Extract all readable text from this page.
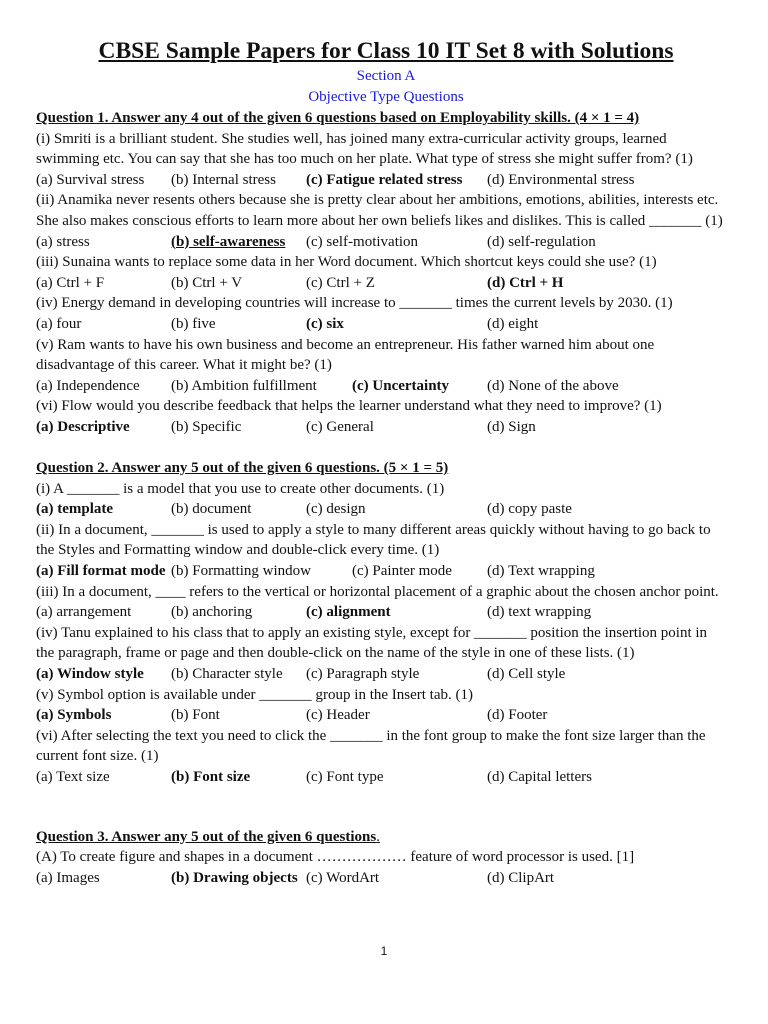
CBSE Sample Papers for Class 10 IT Set 8 with Solutions
Section A
Objective Type Questions
Question 1. Answer any 4 out of the given 6 questions based on Employability skills. (4 × 1 = 4)
(i) Smriti is a brilliant student. She studies well, has joined many extra-curricular activity groups, learned
swimming etc. You can say that she has too much on her plate. What type of stress she might suffer from? (1)
(a) Survival stress (b) Internal stress (c) Fatigue related stress (d) Environmental stress
(ii) Anamika never resents others because she is pretty clear about her ambitions, emotions, abilities, interests etc.
She also makes conscious efforts to learn more about her own beliefs likes and dislikes. This is called _______ (1)
(a) stress	(b) self-awareness (c) self-motivation	(d) self-regulation
(iii) Sunaina wants to replace some data in her Word document. Which shortcut keys could she use? (1)
(a) Ctrl + F	(b) Ctrl + V	(c) Ctrl + Z	(d) Ctrl + H
(iv) Energy demand in developing countries will increase to _______ times the current levels by 2030. (1)
(a) four	(b) five	(c) six	(d) eight
(v) Ram wants to have his own business and become an entrepreneur. His father warned him about one
disadvantage of this career. What it might be? (1)
(a) Independence (b) Ambition fulfillment (c) Uncertainty	(d) None of the above
(vi) Flow would you describe feedback that helps the learner understand what they need to improve? (1)
(a) Descriptive	(b) Specific	(c) General	(d) Sign
Question 2. Answer any 5 out of the given 6 questions. (5 × 1 = 5)
(i) A _______ is a model that you use to create other documents. (1)
(a) template	(b) document	(c) design	(d) copy paste
(ii) In a document, _______ is used to apply a style to many different areas quickly without having to go back to
the Styles and Formatting window and double-click every time. (1)
(a) Fill format mode (b) Formatting window	(c) Painter mode (d) Text wrapping
(iii) In a document, ____ refers to the vertical or horizontal placement of a graphic about the chosen anchor point.
(a) arrangement	(b) anchoring	(c) alignment	(d) text wrapping
(iv) Tanu explained to his class that to apply an existing style, except for _______ position the insertion point in
the paragraph, frame or page and then double-click on the name of the style in one of these lists. (1)
(a) Window style (b) Character style (c) Paragraph style	(d) Cell style
(v) Symbol option is available under _______ group in the Insert tab. (1)
(a) Symbols	(b) Font	(c) Header	(d) Footer
(vi) After selecting the text you need to click the _______ in the font group to make the font size larger than the
current font size. (1)
(a) Text size	(b) Font size	(c) Font type	(d) Capital letters
Question 3. Answer any 5 out of the given 6 questions.
(A) To create figure and shapes in a document ……………… feature of word processor is used. [1]
(a) Images	(b) Drawing objects (c) WordArt	(d) ClipArt
1
